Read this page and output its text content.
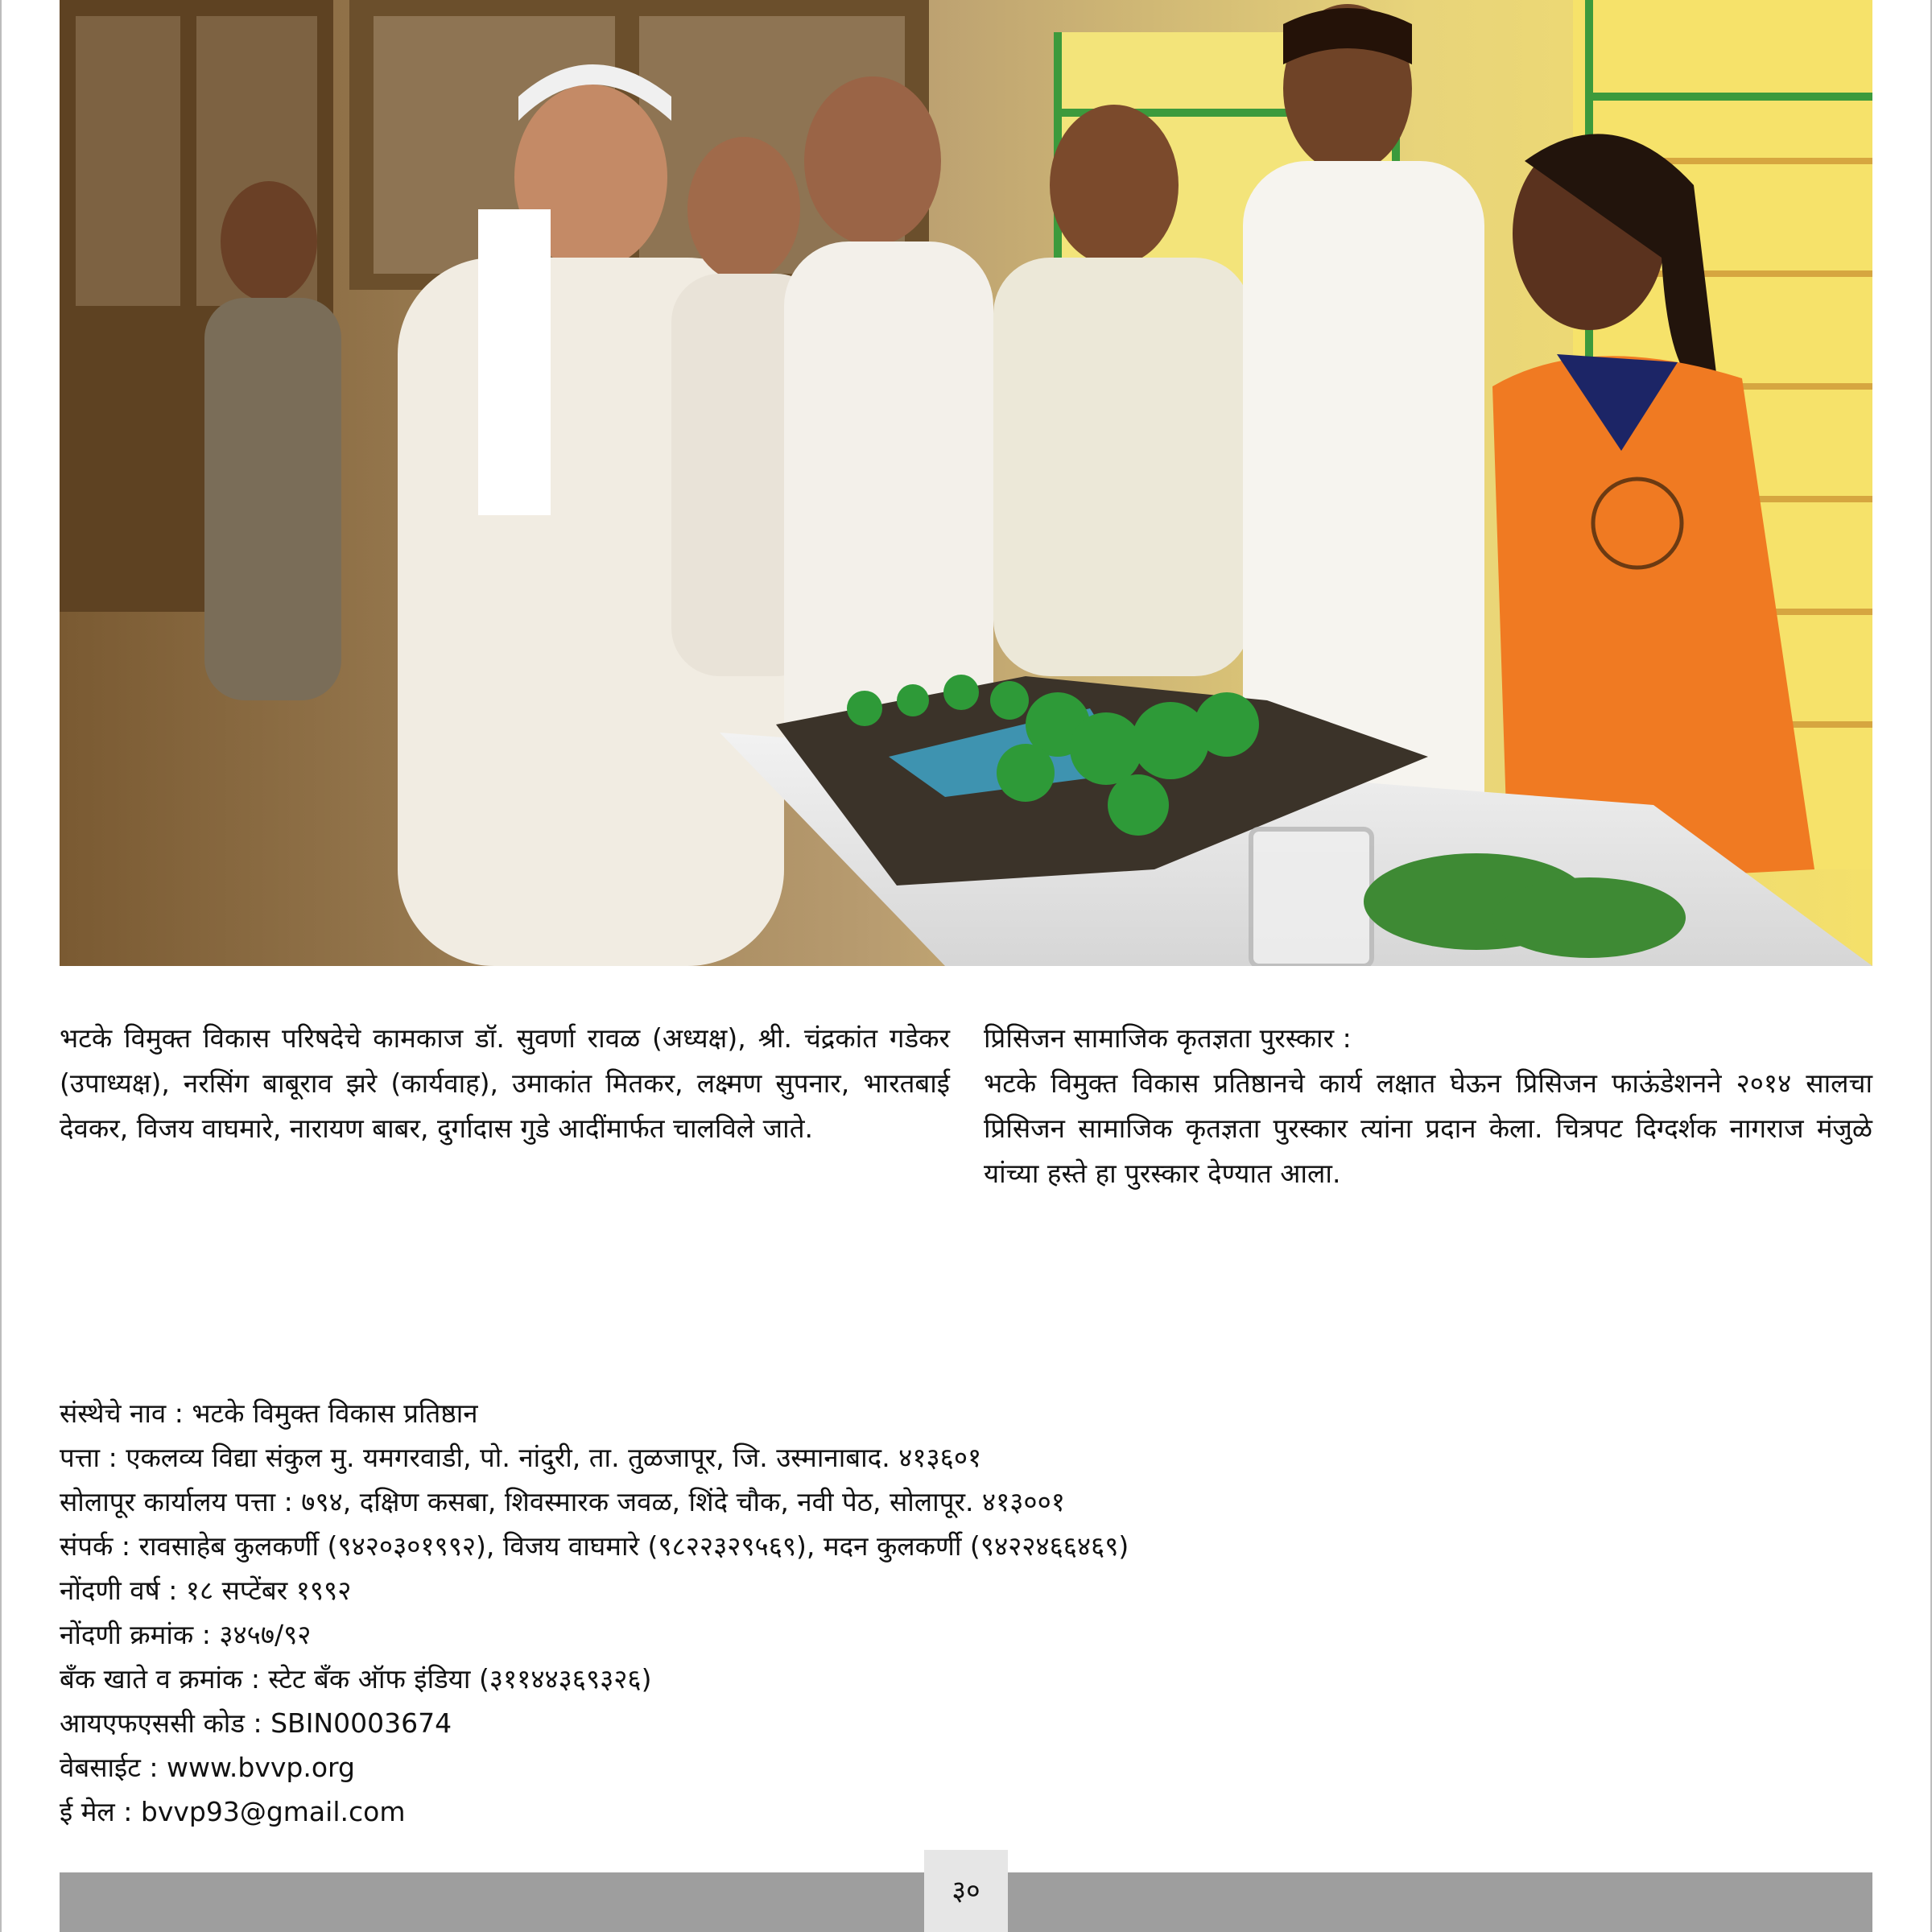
भटके विमुक्त विकास परिषदेचे कामकाज डॉ. सुवर्णा रावळ (अध्यक्ष), श्री. चंद्रकांत गडेकर (उपाध्यक्ष), नरसिंग बाबूराव झरे (कार्यवाह), उमाकांत मितकर, लक्ष्मण सुपनार, भारतबाई देवकर, विजय वाघमारे, नारायण बाबर, दुर्गादास गुडे आदींमार्फत चालविले जाते.
प्रिसिजन सामाजिक कृतज्ञता पुरस्कार :
भटके विमुक्त विकास प्रतिष्ठानचे कार्य लक्षात घेऊन प्रिसिजन फाऊंडेशनने २०१४ सालचा प्रिसिजन सामाजिक कृतज्ञता पुरस्कार त्यांना प्रदान केला. चित्रपट दिग्दर्शक नागराज मंजुळे यांच्या हस्ते हा पुरस्कार देण्यात आला.
संस्थेचे नाव : भटके विमुक्त विकास प्रतिष्ठान
पत्ता : एकलव्य विद्या संकुल मु. यमगरवाडी, पो. नांदुरी, ता. तुळजापूर, जि. उस्मानाबाद. ४१३६०१
सोलापूर कार्यालय पत्ता : ७९४, दक्षिण कसबा, शिवस्मारक जवळ, शिंदे चौक, नवी पेठ, सोलापूर. ४१३००१
संपर्क : रावसाहेब कुलकर्णी (९४२०३०१९९२), विजय वाघमारे (९८२२३२९५६९), मदन कुलकर्णी (९४२२४६६४६९)
नोंदणी वर्ष : १८ सप्टेंबर १९९२
नोंदणी क्रमांक : ३४५७/९२
बँक खाते व क्रमांक : स्टेट बँक ऑफ इंडिया (३११४४३६९३२६)
आयएफएससी कोड : SBIN0003674
वेबसाईट : www.bvvp.org
ई मेल : bvvp93@gmail.com
३०
